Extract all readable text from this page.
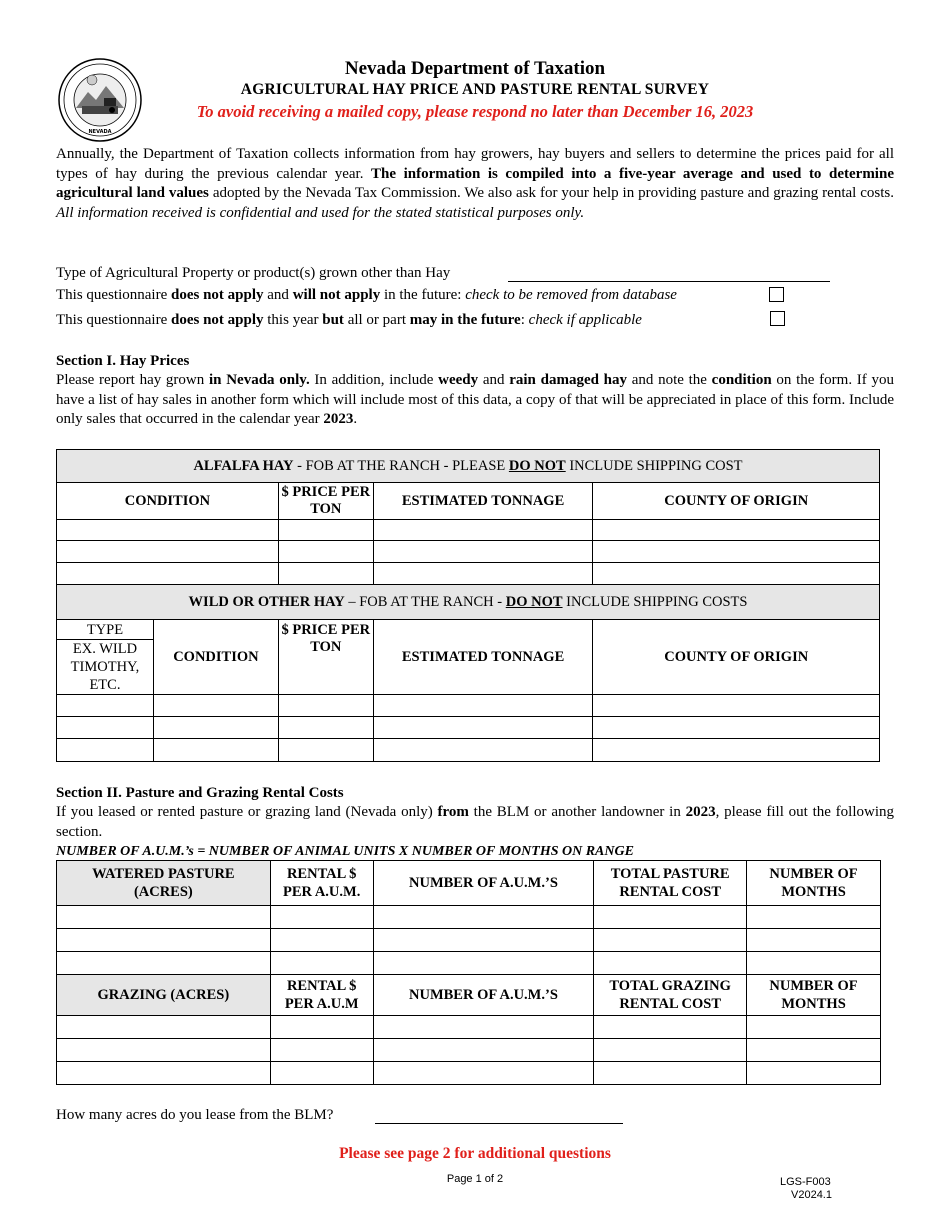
NEVADA
Nevada Department of Taxation
AGRICULTURAL HAY PRICE AND PASTURE RENTAL SURVEY
To avoid receiving a mailed copy, please respond no later than December 16, 2023
Annually, the Department of Taxation collects information from hay growers, hay buyers and sellers to determine the prices paid for all types of hay during the previous calendar year. The information is compiled into a five-year average and used to determine agricultural land values adopted by the Nevada Tax Commission. We also ask for your help in providing pasture and grazing rental costs. All information received is confidential and used for the stated statistical purposes only.
Type of Agricultural Property or product(s) grown other than Hay
This questionnaire does not apply and will not apply in the future: check to be removed from database
This questionnaire does not apply this year but all or part may in the future: check if applicable
Section I. Hay Prices
Please report hay grown in Nevada only. In addition, include weedy and rain damaged hay and note the condition on the form. If you have a list of hay sales in another form which will include most of this data, a copy of that will be appreciated in place of this form. Include only sales that occurred in the calendar year 2023.
ALFALFA HAY - FOB AT THE RANCH - PLEASE DO NOT INCLUDE SHIPPING COST				
CONDITION		$ PRICE PER TON	ESTIMATED TONNAGE	COUNTY OF ORIGIN

WILD OR OTHER HAY – FOB AT THE RANCH - DO NOT INCLUDE SHIPPING COSTS				

TYPE
EX. WILD TIMOTHY, ETC.	CONDITION	$ PRICE PER TON	ESTIMATED TONNAGE	COUNTY OF ORIGIN

Section II. Pasture and Grazing Rental Costs
If you leased or rented pasture or grazing land (Nevada only) from the BLM or another landowner in 2023, please fill out the following section.
NUMBER OF A.U.M.’s = NUMBER OF ANIMAL UNITS X NUMBER OF MONTHS ON RANGE
WATERED PASTURE (ACRES)	RENTAL $ PER A.U.M.	NUMBER OF A.U.M.’S	TOTAL PASTURE RENTAL COST	NUMBER OF MONTHS

GRAZING (ACRES)	RENTAL $ PER A.U.M	NUMBER OF A.U.M.’S	TOTAL GRAZING RENTAL COST	NUMBER OF MONTHS

How many acres do you lease from the BLM?
Please see page 2 for additional questions
Page 1 of 2	LGS-F003
V2024.1
